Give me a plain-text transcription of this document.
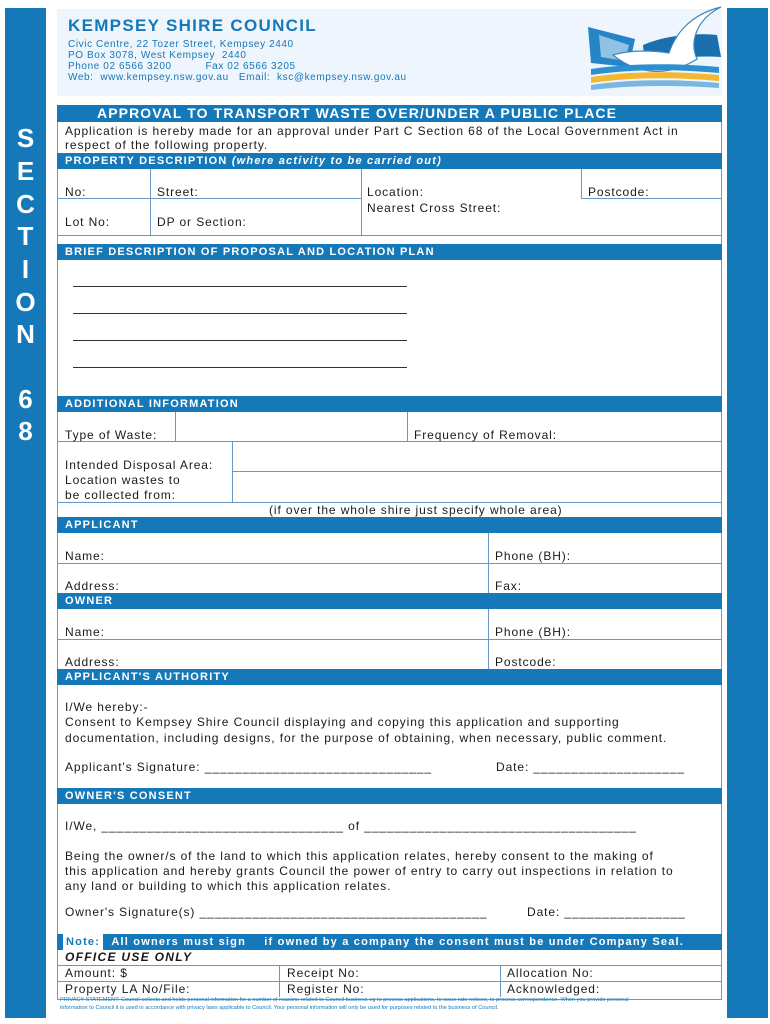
S
E
C
T
I
O
N
6
8
KEMPSEY SHIRE COUNCIL
Civic Centre, 22 Tozer Street, Kempsey 2440
PO Box 3078, West Kempsey  2440
Phone 02 6566 3200          Fax 02 6566 3205
Web:  www.kempsey.nsw.gov.au   Email:  ksc@kempsey.nsw.gov.au
APPROVAL TO TRANSPORT WASTE OVER/UNDER A PUBLIC PLACE
Application is hereby made for an approval under Part C Section 68 of the Local Government Act in
respect of the following property.
PROPERTY DESCRIPTION (where activity to be carried out)
No:	Street:	Location:	Postcode:
Nearest Cross Street:
Lot No:	DP or Section:
BRIEF DESCRIPTION OF PROPOSAL AND LOCATION PLAN
ADDITIONAL INFORMATION
Type of Waste:	Frequency of Removal:
Intended Disposal Area:
Location wastes to
be collected from:
(if over the whole shire just specify whole area)
APPLICANT
Name:	Phone (BH):
Address:	Fax:
OWNER
Name:	Phone (BH):
Address:	Postcode:
APPLICANT'S AUTHORITY
I/We hereby:-
Consent to Kempsey Shire Council displaying and copying this application and supporting
documentation, including designs, for the purpose of obtaining, when necessary, public comment.
Applicant's Signature: ______________________________	Date: ____________________
OWNER'S CONSENT
I/We, ________________________________ of ____________________________________
Being the owner/s of the land to which this application relates, hereby consent to the making of
this application and hereby grants Council the power of entry to carry out inspections in relation to
any land or building to which this application relates.
Owner's Signature(s) ______________________________________	Date: ________________
Note: All owners must sign if owned by a company the consent must be under Company Seal.
OFFICE USE ONLY
Amount: $	Receipt No:	Allocation No:
Property LA No/File:	Register No:	Acknowledged:
PRIVACY STATEMENT: Council collects and holds personal information for a number of reasons related to Council business eg to process applications, to issue rate notices, to process correspondence. When you provide personal
information to Council it is used in accordance with privacy laws applicable to Council. Your personal information will only be used for purposes related to the business of Council.
